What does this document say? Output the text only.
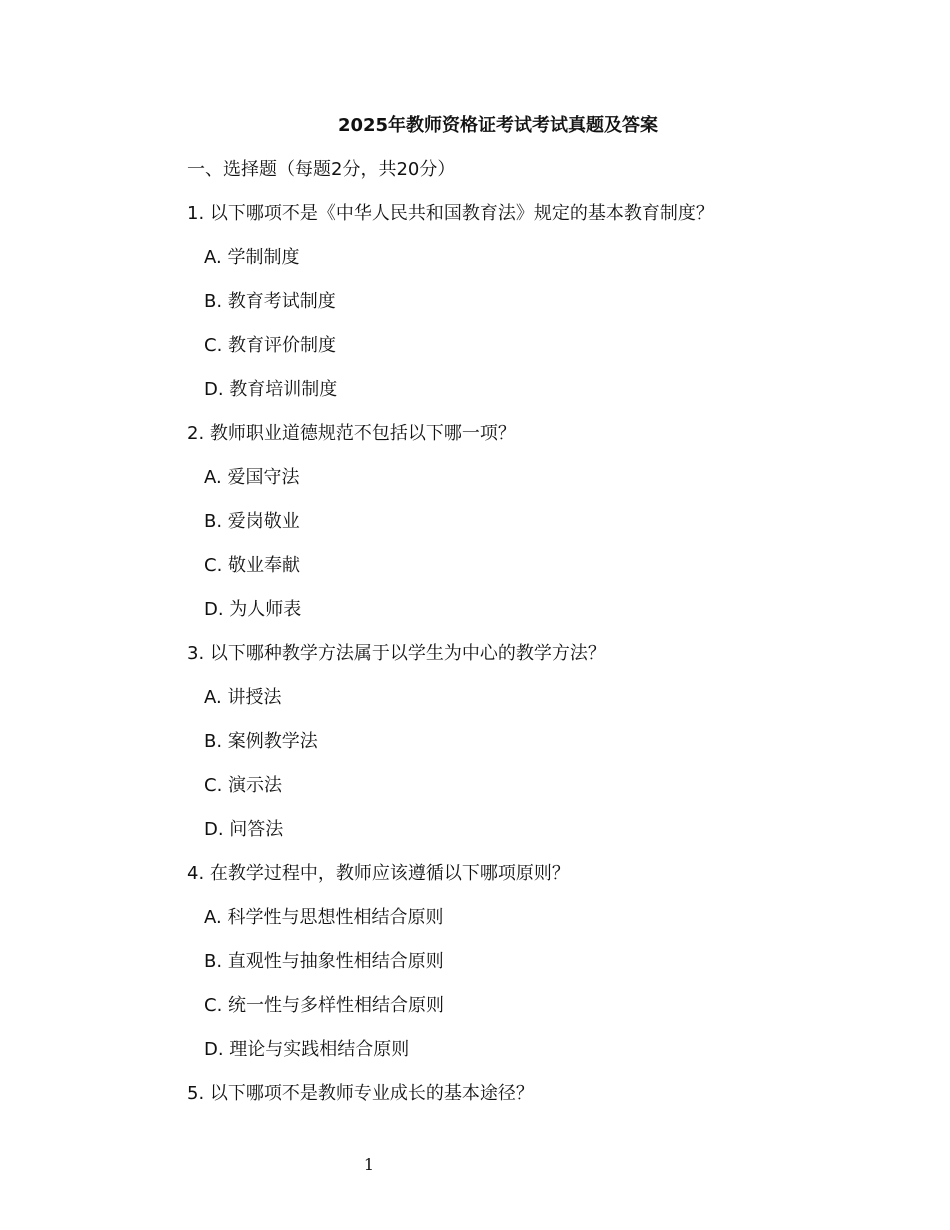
2025年教师资格证考试考试真题及答案
一、选择题（每题2分，共20分）
1. 以下哪项不是《中华人民共和国教育法》规定的基本教育制度？
A. 学制制度
B. 教育考试制度
C. 教育评价制度
D. 教育培训制度
2. 教师职业道德规范不包括以下哪一项？
A. 爱国守法
B. 爱岗敬业
C. 敬业奉献
D. 为人师表
3. 以下哪种教学方法属于以学生为中心的教学方法？
A. 讲授法
B. 案例教学法
C. 演示法
D. 问答法
4. 在教学过程中，教师应该遵循以下哪项原则？
A. 科学性与思想性相结合原则
B. 直观性与抽象性相结合原则
C. 统一性与多样性相结合原则
D. 理论与实践相结合原则
5. 以下哪项不是教师专业成长的基本途径？
1
